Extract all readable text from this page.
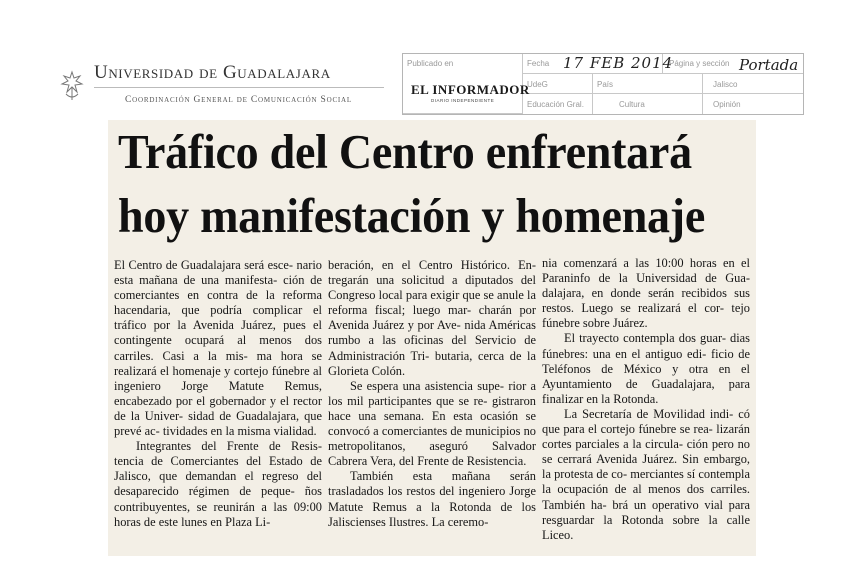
Universidad de Guadalajara
Coordinación General de Comunicación Social
Publicado en
EL INFORMADOR
DIARIO INDEPENDIENTE
Fecha 17 FEB 2014
Página y sección Portada
UdeG	País	Jalisco
Educación Gral.	Cultura	Opinión
Tráfico del Centro enfrentará
hoy manifestación y homenaje

El Centro de Guadalajara será esce- nario esta mañana de una manifesta- ción de comerciantes en contra de la reforma hacendaria, que podría complicar el tráfico por la Avenida Juárez, pues el contingente ocupará al menos dos carriles. Casi a la mis- ma hora se realizará el homenaje y cortejo fúnebre al ingeniero Jorge Matute Remus, encabezado por el gobernador y el rector de la Univer- sidad de Guadalajara, que prevé ac- tividades en la misma vialidad.

Integrantes del Frente de Resis- tencia de Comerciantes del Estado de Jalisco, que demandan el regreso del desaparecido régimen de peque- ños contribuyentes, se reunirán a las 09:00 horas de este lunes en Plaza Li-

beración, en el Centro Histórico. En- tregarán una solicitud a diputados del Congreso local para exigir que se anule la reforma fiscal; luego mar- charán por Avenida Juárez y por Ave- nida Américas rumbo a las oficinas del Servicio de Administración Tri- butaria, cerca de la Glorieta Colón.

Se espera una asistencia supe- rior a los mil participantes que se re- gistraron hace una semana. En esta ocasión se convocó a comerciantes de municipios no metropolitanos, aseguró Salvador Cabrera Vera, del Frente de Resistencia.

También esta mañana serán trasladados los restos del ingeniero Jorge Matute Remus a la Rotonda de los Jaliscienses Ilustres. La ceremo-

nia comenzará a las 10:00 horas en el Paraninfo de la Universidad de Gua- dalajara, en donde serán recibidos sus restos. Luego se realizará el cor- tejo fúnebre sobre Juárez.

El trayecto contempla dos guar- dias fúnebres: una en el antiguo edi- ficio de Teléfonos de México y otra en el Ayuntamiento de Guadalajara, para finalizar en la Rotonda.

La Secretaría de Movilidad indi- có que para el cortejo fúnebre se rea- lizarán cortes parciales a la circula- ción pero no se cerrará Avenida Juárez. Sin embargo, la protesta de co- merciantes sí contempla la ocupación de al menos dos carriles. También ha- brá un operativo vial para resguardar la Rotonda sobre la calle Liceo.
